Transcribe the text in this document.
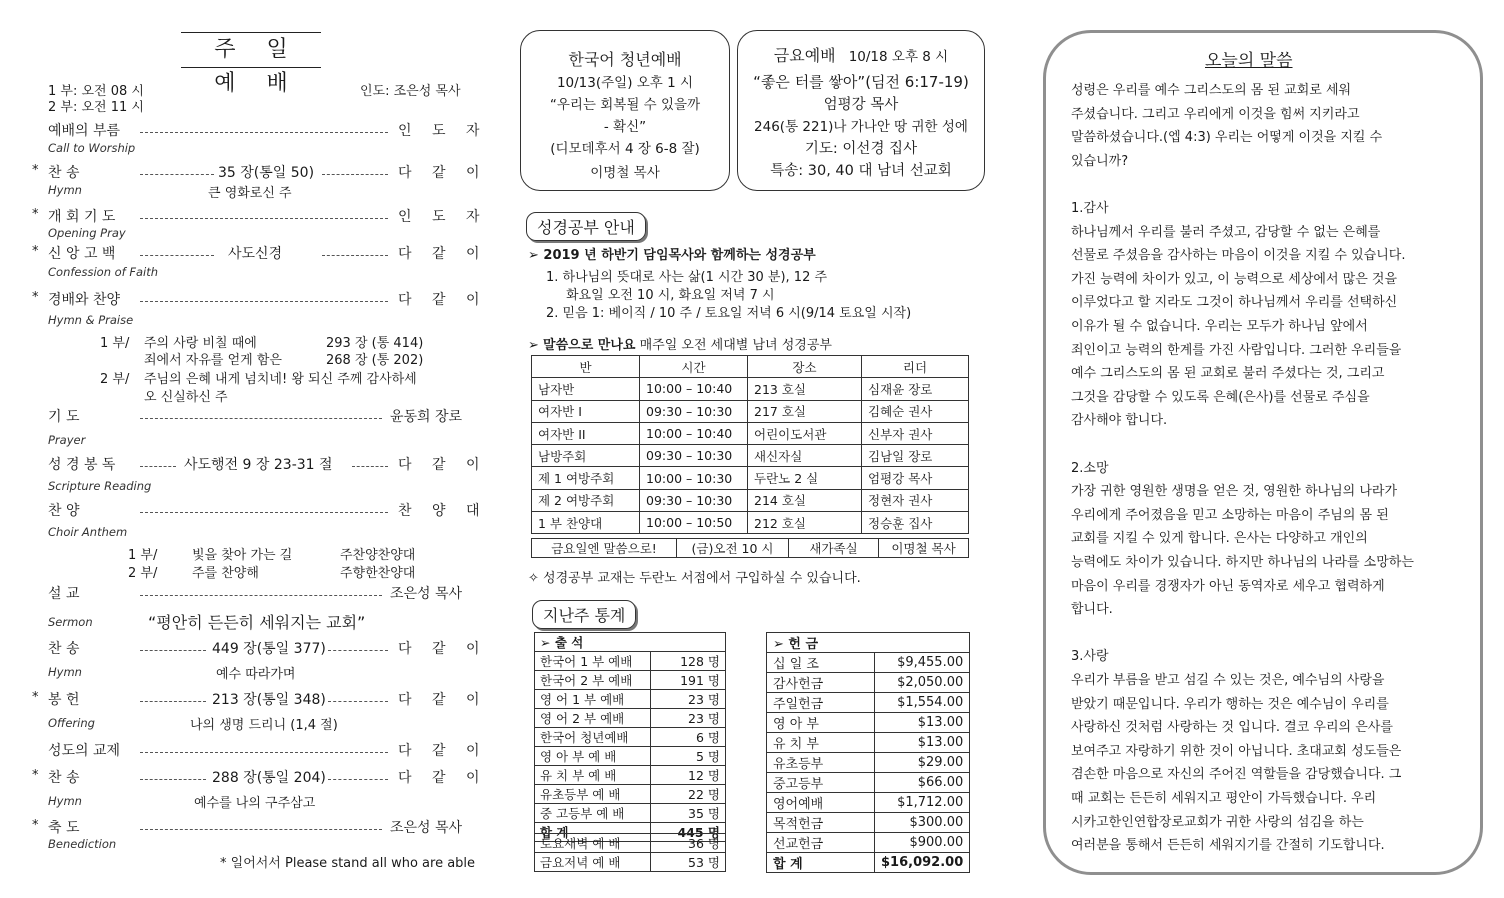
주 일 예 배
1 부: 오전 08 시
2 부: 오전 11 시
인도: 조은성 목사
예배의 부름	인 도 자
Call to Worship
* 찬 송	35 장(통일 50)	다 같 이
Hymn	큰 영화로신 주
* 개 회 기 도	인 도 자
Opening Pray
* 신 앙 고 백	사도신경	다 같 이
Confession of Faith
* 경배와 찬양	다 같 이
Hymn & Praise
1 부/ 주의 사랑 비칠 때에	293 장 (통 414)
죄에서 자유를 얻게 함은	268 장 (통 202)
2 부/ 주님의 은혜 내게 넘치네! 왕 되신 주께 감사하세
오 신실하신 주
기 도	윤동희 장로
Prayer
성 경 봉 독	사도행전 9 장 23-31 절	다 같 이
Scripture Reading
찬 양	찬 양 대
Choir Anthem
1 부/	빛을 찾아 가는 길	주찬양찬양대
2 부/	주를 찬양해	주향한찬양대
설 교	조은성 목사
Sermon	“평안히 든든히 세워지는 교회”
찬 송	449 장(통일 377)	다 같 이
Hymn	예수 따라가며
* 봉 헌	213 장(통일 348)	다 같 이
Offering	나의 생명 드리니 (1,4 절)
성도의 교제	다 같 이
* 찬 송	288 장(통일 204)	다 같 이
Hymn	예수를 나의 구주삼고
* 축 도	조은성 목사
Benediction
* 일어서서 Please stand all who are able
한국어 청년예배
10/13(주일) 오후 1 시
“우리는 회복될 수 있을까
- 확신”
(디모데후서 4 장 6-8 잘)
이명철 목사
금요예배 10/18 오후 8 시
“좋은 터를 쌓아”(딤전 6:17-19)
엄평강 목사
246(통 221)나 가나안 땅 귀한 성에
기도: 이선경 집사
특송: 30, 40 대 남녀 선교회
성경공부 안내
➢ 2019 년 하반기 담임목사와 함께하는 성경공부
1. 하나님의 뜻대로 사는 삶(1 시간 30 분), 12 주
화요일 오전 10 시, 화요일 저녁 7 시
2. 믿음 1: 베이직 / 10 주 / 토요일 저녁 6 시(9/14 토요일 시작)
➢ 말씀으로 만나요 매주일 오전 세대별 남녀 성경공부
반	시간	장소	리더
남자반	10:00 – 10:40	213 호실	심재윤 장로
여자반 I	09:30 – 10:30	217 호실	김혜순 권사
여자반 II	10:00 – 10:40	어린이도서관	신부자 권사
남방주회	09:30 – 10:30	새신자실	김남일 장로
제 1 여방주회	10:00 – 10:30	두란노 2 실	엄평강 목사
제 2 여방주회	09:30 – 10:30	214 호실	정현자 권사
1 부 찬양대	10:00 – 10:50	212 호실	정승훈 집사
금요일엔 말씀으로!	(금)오전 10 시	새가족실	이명철 목사
✧ 성경공부 교재는 두란노 서점에서 구입하실 수 있습니다.
지난주 통계
➢ 출 석	
한국어 1 부 예배	128 명
한국어 2 부 예배	191 명
영 어 1 부 예배	23 명
영 어 2 부 예배	23 명
한국어 청년예배	6 명
영 아 부 예 배	5 명
유 치 부 예 배	12 명
유초등부 예 배	22 명
중 고등부 예 배	35 명
합 계	445 명
토요새벽 예 배	36 명
금요저녁 예 배	53 명
➢ 헌 금	
십 일 조	$9,455.00
감사헌금	$2,050.00
주일헌금	$1,554.00
영 아 부	$13.00
유 치 부	$13.00
유초등부	$29.00
중고등부	$66.00
영어예배	$1,712.00
목적헌금	$300.00
선교헌금	$900.00
합 계	$16,092.00
오늘의 말씀
성령은 우리를 예수 그리스도의 몸 된 교회로 세워
주셨습니다. 그리고 우리에게 이것을 힘써 지키라고
말씀하셨습니다.(엡 4:3) 우리는 어떻게 이것을 지킬 수
있습니까?
1.감사
하나님께서 우리를 불러 주셨고, 감당할 수 없는 은혜를
선물로 주셨음을 감사하는 마음이 이것을 지킬 수 있습니다.
가진 능력에 차이가 있고, 이 능력으로 세상에서 많은 것을
이루었다고 할 지라도 그것이 하나님께서 우리를 선택하신
이유가 될 수 없습니다. 우리는 모두가 하나님 앞에서
죄인이고 능력의 한계를 가진 사람입니다. 그러한 우리들을
예수 그리스도의 몸 된 교회로 불러 주셨다는 것, 그리고
그것을 감당할 수 있도록 은혜(은사)를 선물로 주심을
감사해야 합니다.
2.소망
가장 귀한 영원한 생명을 얻은 것, 영원한 하나님의 나라가
우리에게 주어졌음을 믿고 소망하는 마음이 주님의 몸 된
교회를 지킬 수 있게 합니다. 은사는 다양하고 개인의
능력에도 차이가 있습니다. 하지만 하나님의 나라를 소망하는
마음이 우리를 경쟁자가 아닌 동역자로 세우고 협력하게
합니다.
3.사랑
우리가 부름을 받고 섬길 수 있는 것은, 예수님의 사랑을
받았기 때문입니다. 우리가 행하는 것은 예수님이 우리를
사랑하신 것처럼 사랑하는 것 입니다. 결코 우리의 은사를
보여주고 자랑하기 위한 것이 아닙니다. 초대교회 성도들은
겸손한 마음으로 자신의 주어진 역할들을 감당했습니다. 그
때 교회는 든든히 세워지고 평안이 가득했습니다. 우리
시카고한인연합장로교회가 귀한 사랑의 섬김을 하는
여러분을 통해서 든든히 세워지기를 간절히 기도합니다.
